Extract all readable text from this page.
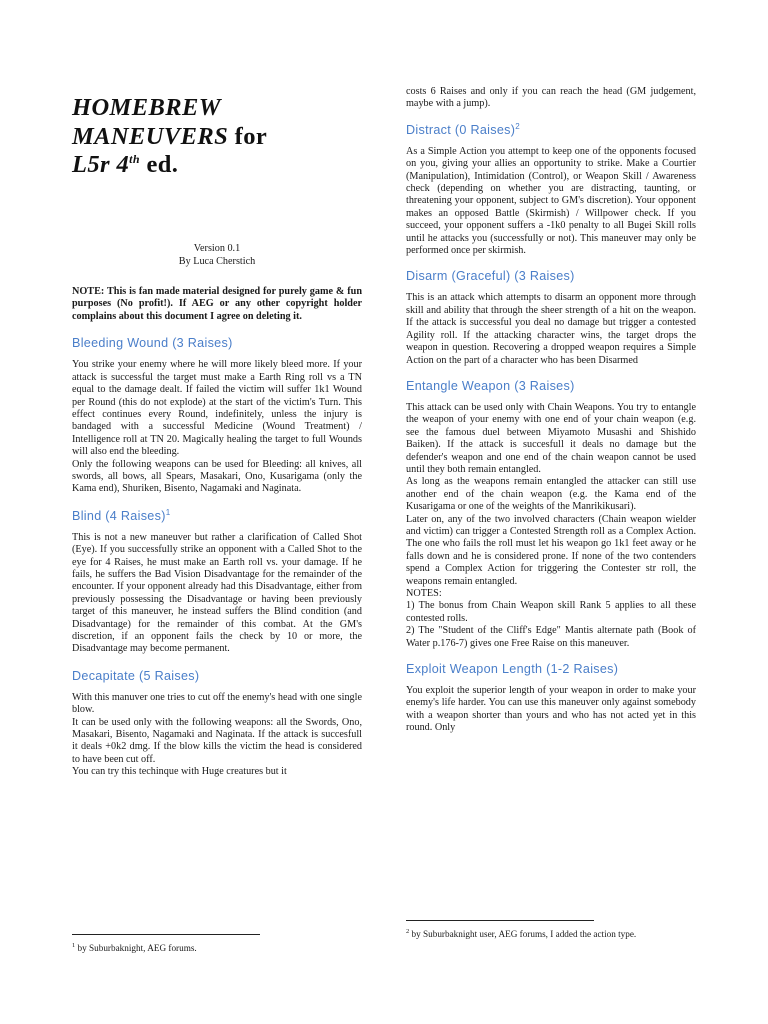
HOMEBREW
MANEUVERS for
L5r 4th ed.
Version 0.1
By Luca Cherstich

NOTE: This is fan made material designed for purely game & fun purposes (No profit!). If AEG or any other copyright holder complains about this document I agree on deleting it.

Bleeding Wound (3 Raises)

You strike your enemy where he will more likely bleed more. If your attack is successful the target must make a Earth Ring roll vs a TN equal to the damage dealt. If failed the victim will suffer 1k1 Wound per Round (this do not explode) at the start of the victim's Turn. This effect continues every Round, indefinitely, unless the injury is bandaged with a successful Medicine (Wound Treatment) / Intelligence roll at TN 20. Magically healing the target to full Wounds will also end the bleeding.

Only the following weapons can be used for Bleeding: all knives, all swords, all bows, all Spears, Masakari, Ono, Kusarigama (only the Kama end), Shuriken, Bisento, Nagamaki and Naginata.

Blind (4 Raises)$^1$

This is not a new maneuver but rather a clarification of Called Shot (Eye). If you successfully strike an opponent with a Called Shot to the eye for 4 Raises, he must make an Earth roll vs. your damage. If he fails, he suffers the Bad Vision Disadvantage for the remainder of the encounter. If your opponent already had this Disadvantage, either from previously possessing the Disadvantage or having been previously target of this maneuver, he instead suffers the Blind condition (and Disadvantage) for the remainder of this combat. At the GM's discretion, if an opponent fails the check by 10 or more, the Disadvantage may become permanent.

Decapitate (5 Raises)

With this manuver one tries to cut off the enemy's head with one single blow.

It can be used only with the following weapons: all the Swords, Ono, Masakari, Bisento, Nagamaki and Naginata. If the attack is succesfull it deals +0k2 dmg. If the blow kills the victim the head is considered to have been cut off.

You can try this techinque with Huge creatures but it

$^1$ by Suburbaknight, AEG forums.

costs 6 Raises and only if you can reach the head (GM judgement, maybe with a jump).

Distract (0 Raises)$^2$

As a Simple Action you attempt to keep one of the opponents focused on you, giving your allies an opportunity to strike. Make a Courtier (Manipulation), Intimidation (Control), or Weapon Skill / Awareness check (depending on whether you are distracting, taunting, or threatening your opponent, subject to GM's discretion). Your opponent makes an opposed Battle (Skirmish) / Willpower check. If you succeed, your opponent suffers a -1k0 penalty to all Bugei Skill rolls until he attacks you (successfully or not). This maneuver may only be performed once per skirmish.

Disarm (Graceful) (3 Raises)

This is an attack which attempts to disarm an opponent more through skill and ability that through the sheer strength of a hit on the weapon. If the attack is successful you deal no damage but trigger a contested Agility roll. If the attacking character wins, the target drops the weapon in question. Recovering a dropped weapon requires a Simple Action on the part of a character who has been Disarmed

Entangle Weapon (3 Raises)

This attack can be used only with Chain Weapons. You try to entangle the weapon of your enemy with one end of your chain weapon (e.g. see the famous duel between Miyamoto Musashi and Shishido Baiken). If the attack is succesfull it deals no damage but the defender's weapon and one end of the chain weapon cannot be used until they both remain entangled.

As long as the weapons remain entangled the attacker can still use another end of the chain weapon (e.g. the Kama end of the Kusarigama or one of the weights of the Manrikikusari).

Later on, any of the two involved characters (Chain weapon wielder and victim) can trigger a Contested Strength roll as a Complex Action. The one who fails the roll must let his weapon go 1k1 feet away or he falls down and he is considered prone. If none of the two contenders spend a Complex Action for triggering the Contester str roll, the weapons remain entangled.

NOTES:

1) The bonus from Chain Weapon skill Rank 5 applies to all these contested rolls.

2) The "Student of the Cliff's Edge" Mantis alternate path (Book of Water p.176-7) gives one Free Raise on this maneuver.

Exploit Weapon Length (1-2 Raises)

You exploit the superior length of your weapon in order to make your enemy's life harder. You can use this maneuver only against somebody with a weapon shorter than yours and who has not acted yet in this round. Only

$^2$ by Suburbaknight user, AEG forums, I added the action type.
